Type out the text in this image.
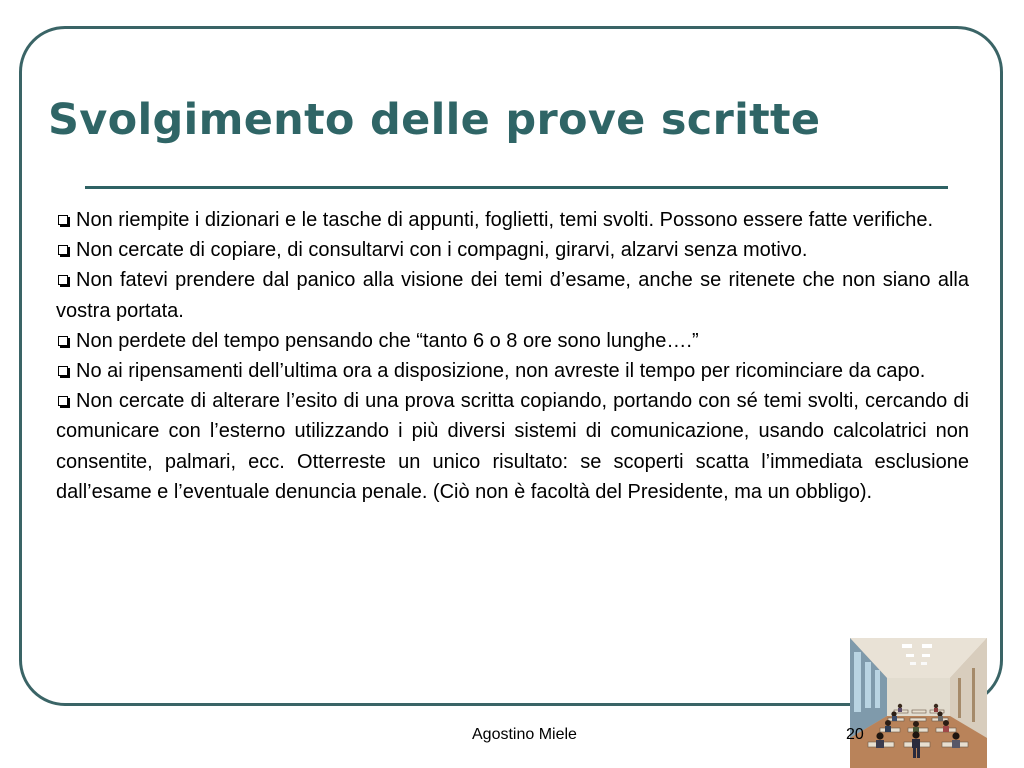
Svolgimento delle prove scritte
Non riempite i dizionari e le tasche di appunti, foglietti, temi svolti. Possono essere fatte verifiche.
Non cercate di copiare, di consultarvi con i compagni, girarvi, alzarvi senza motivo.
Non fatevi prendere dal panico alla visione dei temi d’esame, anche se ritenete che non siano alla vostra portata.
Non perdete del tempo pensando che “tanto 6 o 8 ore sono lunghe….”
No ai ripensamenti dell’ultima ora a disposizione, non avreste il tempo per ricominciare da capo.
Non cercate di alterare l’esito di una prova scritta copiando, portando con sé temi svolti, cercando di comunicare con l’esterno utilizzando i più diversi sistemi di comunicazione, usando calcolatrici non consentite, palmari, ecc. Otterreste un unico risultato: se scoperti scatta l’immediata esclusione dall’esame e l’eventuale denuncia penale. (Ciò non è facoltà del Presidente, ma un obbligo).
Agostino Miele	20
